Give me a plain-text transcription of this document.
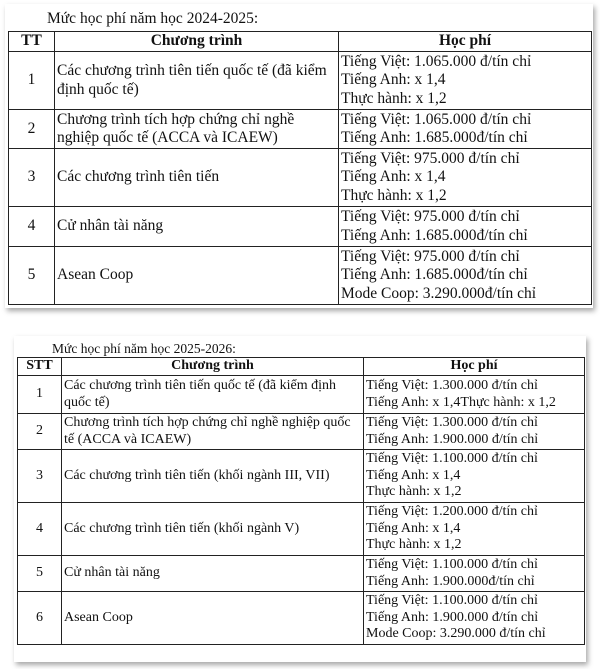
Mức học phí năm học 2024-2025:
TT	Chương trình	Học phí
1	Các chương trình tiên tiến quốc tế (đã kiểm định quốc tế)	Tiếng Việt: 1.065.000 đ/tín chỉ
Tiếng Anh: x 1,4
Thực hành: x 1,2

2	Chương trình tích hợp chứng chỉ nghề nghiệp quốc tế (ACCA và ICAEW)	Tiếng Việt: 1.065.000 đ/tín chỉ
Tiếng Anh: 1.685.000đ/tín chỉ

3	Các chương trình tiên tiến	Tiếng Việt: 975.000 đ/tín chỉ
Tiếng Anh: x 1,4
Thực hành: x 1,2

4	Cử nhân tài năng	Tiếng Việt: 975.000 đ/tín chỉ
Tiếng Anh: 1.685.000đ/tín chỉ

5	Asean Coop	Tiếng Việt: 975.000 đ/tín chỉ
Tiếng Anh: 1.685.000đ/tín chỉ
Mode Coop: 3.290.000đ/tín chỉ
Mức học phí năm học 2025-2026:
STT	Chương trình	Học phí
1	Các chương trình tiên tiến quốc tế (đã kiểm định quốc tế)	Tiếng Việt: 1.300.000 đ/tín chỉ
Tiếng Anh: x 1,4Thực hành: x 1,2

2	Chương trình tích hợp chứng chỉ nghề nghiệp quốc tế (ACCA và ICAEW)	Tiếng Việt: 1.300.000 đ/tín chỉ
Tiếng Anh: 1.900.000 đ/tín chỉ

3	Các chương trình tiên tiến (khối ngành III, VII)	Tiếng Việt: 1.100.000 đ/tín chỉ
Tiếng Anh: x 1,4
Thực hành: x 1,2

4	Các chương trình tiên tiến (khối ngành V)	Tiếng Việt: 1.200.000 đ/tín chỉ
Tiếng Anh: x 1,4
Thực hành: x 1,2

5	Cử nhân tài năng	Tiếng Việt: 1.100.000 đ/tín chỉ
Tiếng Anh: 1.900.000đ/tín chỉ

6	Asean Coop	Tiếng Việt: 1.100.000 đ/tín chỉ
Tiếng Anh: 1.900.000 đ/tín chỉ
Mode Coop: 3.290.000 đ/tín chỉ
